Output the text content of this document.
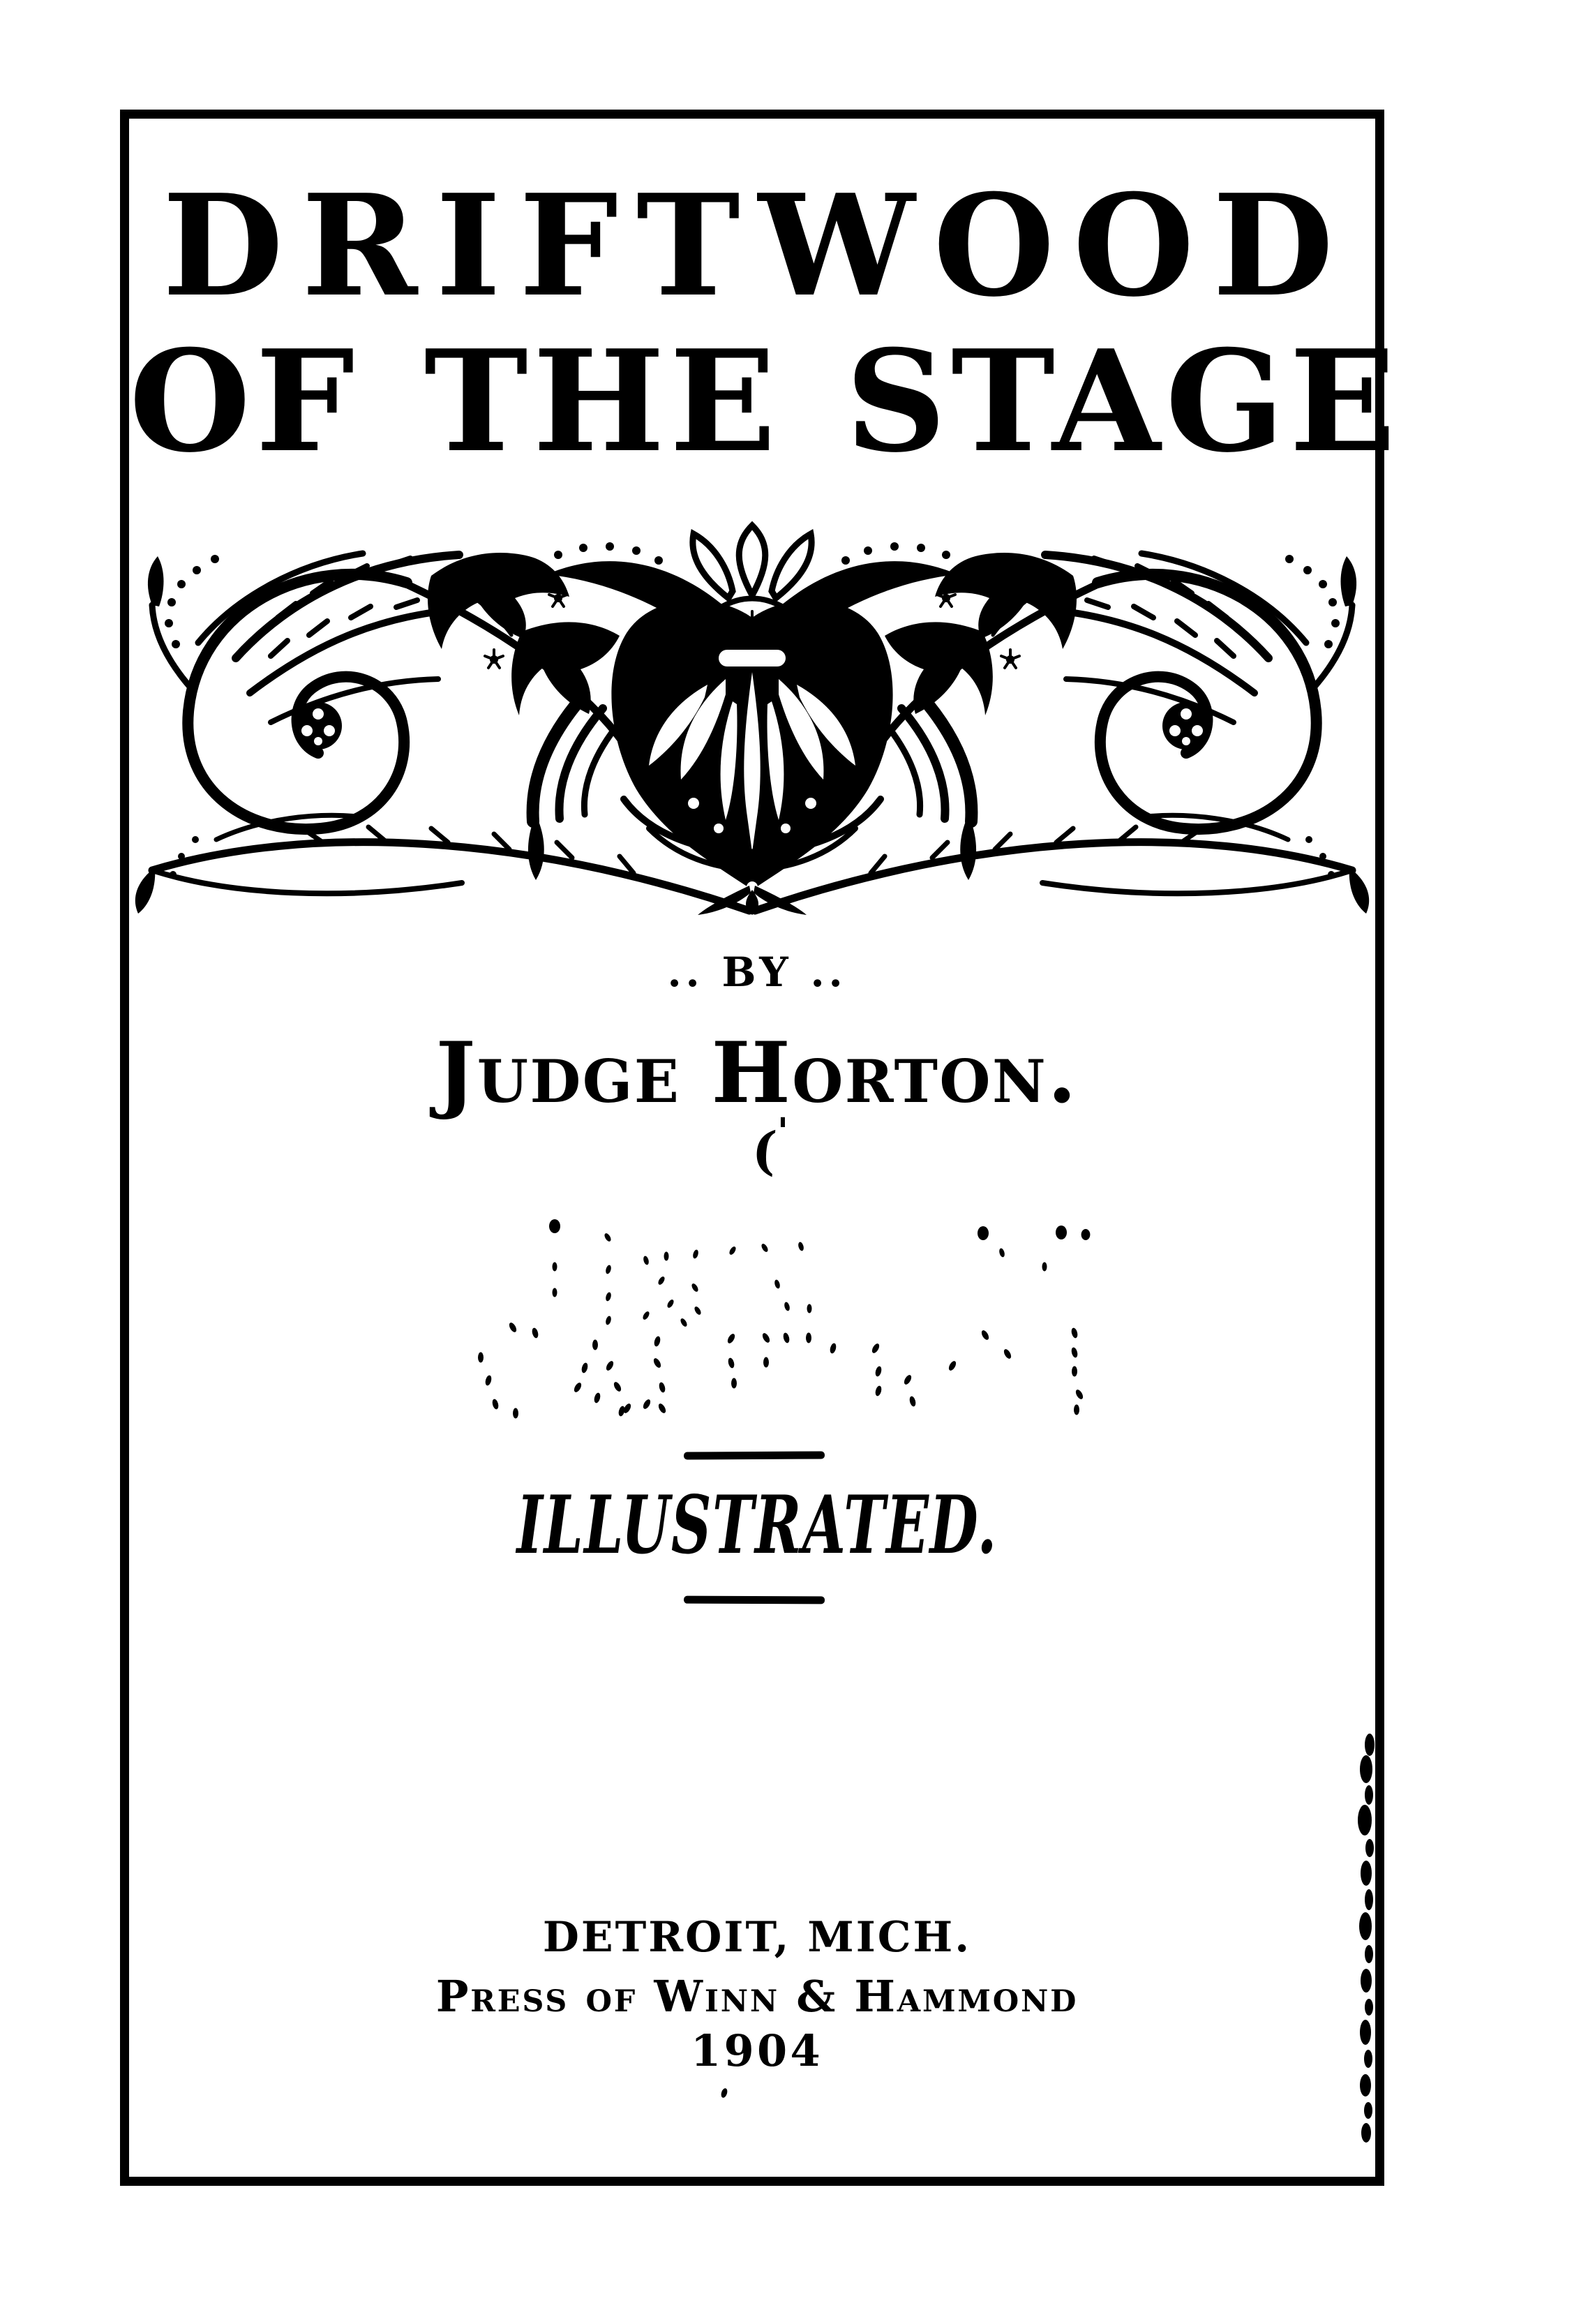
DRIFTWOOD
OF THE STAGE
.. BY ..
Judge Horton.
(
'
ILLUSTRATED.
DETROIT, MICH.
Press of Winn & Hammond
1904
